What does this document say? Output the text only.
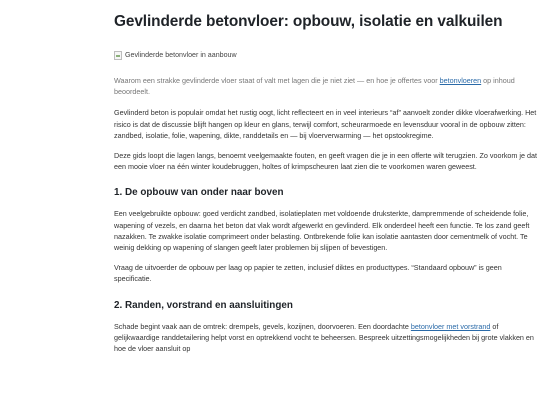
Gevlinderde betonvloer: opbouw, isolatie en valkuilen
Gevlinderde betonvloer in aanbouw

Waarom een strakke gevlinderde vloer staat of valt met lagen die je niet ziet — en hoe je offertes voor betonvloeren op inhoud beoordeelt.

Gevlinderd beton is populair omdat het rustig oogt, licht reflecteert en in veel interieurs “af” aanvoelt zonder dikke vloerafwerking. Het risico is dat de discussie blijft hangen op kleur en glans, terwijl comfort, scheurarmoede en levensduur vooral in de opbouw zitten: zandbed, isolatie, folie, wapening, dikte, randdetails en — bij vloerverwarming — het opstookregime.

Deze gids loopt die lagen langs, benoemt veelgemaakte fouten, en geeft vragen die je in een offerte wilt terugzien. Zo voorkom je dat een mooie vloer na één winter koudebruggen, holtes of krimpscheuren laat zien die te voorkomen waren geweest.

1. De opbouw van onder naar boven

Een veelgebruikte opbouw: goed verdicht zandbed, isolatieplaten met voldoende druksterkte, dampremmende of scheidende folie, wapening of vezels, en daarna het beton dat vlak wordt afgewerkt en gevlinderd. Elk onderdeel heeft een functie. Te los zand geeft nazakken. Te zwakke isolatie comprimeert onder belasting. Ontbrekende folie kan isolatie aantasten door cementmelk of vocht. Te weinig dekking op wapening of slangen geeft later problemen bij slijpen of bevestigen.

Vraag de uitvoerder de opbouw per laag op papier te zetten, inclusief diktes en producttypes. “Standaard opbouw” is geen specificatie.

2. Randen, vorstrand en aansluitingen

Schade begint vaak aan de omtrek: drempels, gevels, kozijnen, doorvoeren. Een doordachte betonvloer met vorstrand of gelijkwaardige randdetailering helpt vorst en optrekkend vocht te beheersen. Bespreek uitzettingsmogelijkheden bij grote vlakken en hoe de vloer aansluit op
